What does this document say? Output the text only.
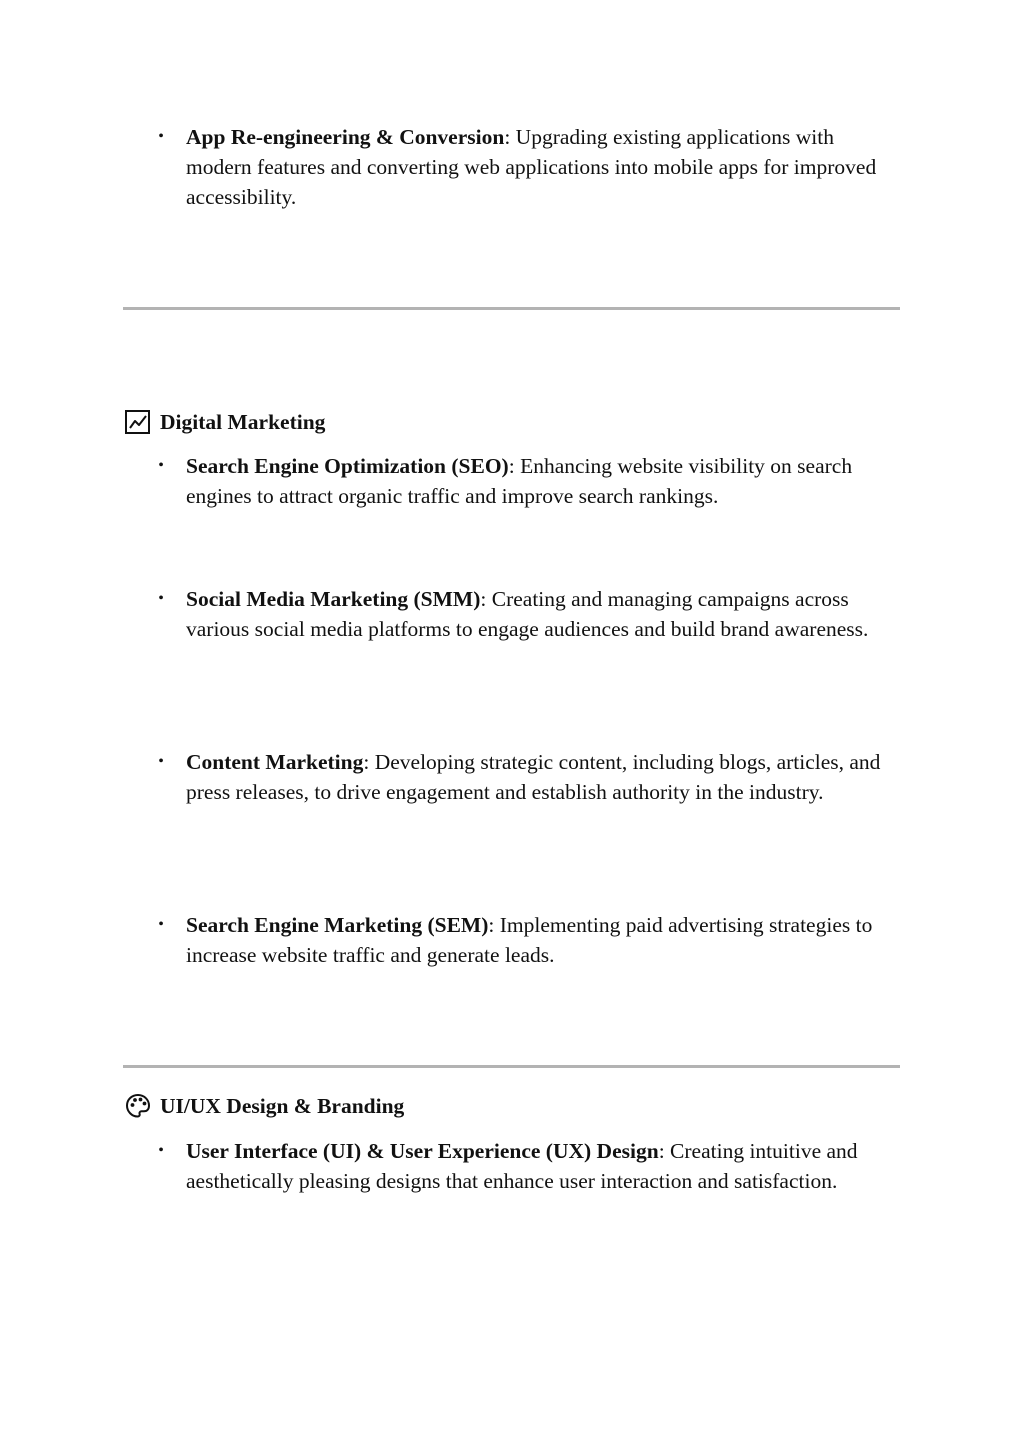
• App Re-engineering & Conversion: Upgrading existing applications with modern features and converting web applications into mobile apps for improved accessibility.

Digital Marketing

• Search Engine Optimization (SEO): Enhancing website visibility on search engines to attract organic traffic and improve search rankings.

• Social Media Marketing (SMM): Creating and managing campaigns across various social media platforms to engage audiences and build brand awareness.

• Content Marketing: Developing strategic content, including blogs, articles, and press releases, to drive engagement and establish authority in the industry.

• Search Engine Marketing (SEM): Implementing paid advertising strategies to increase website traffic and generate leads.

UI/UX Design & Branding

• User Interface (UI) & User Experience (UX) Design: Creating intuitive and aesthetically pleasing designs that enhance user interaction and satisfaction.
